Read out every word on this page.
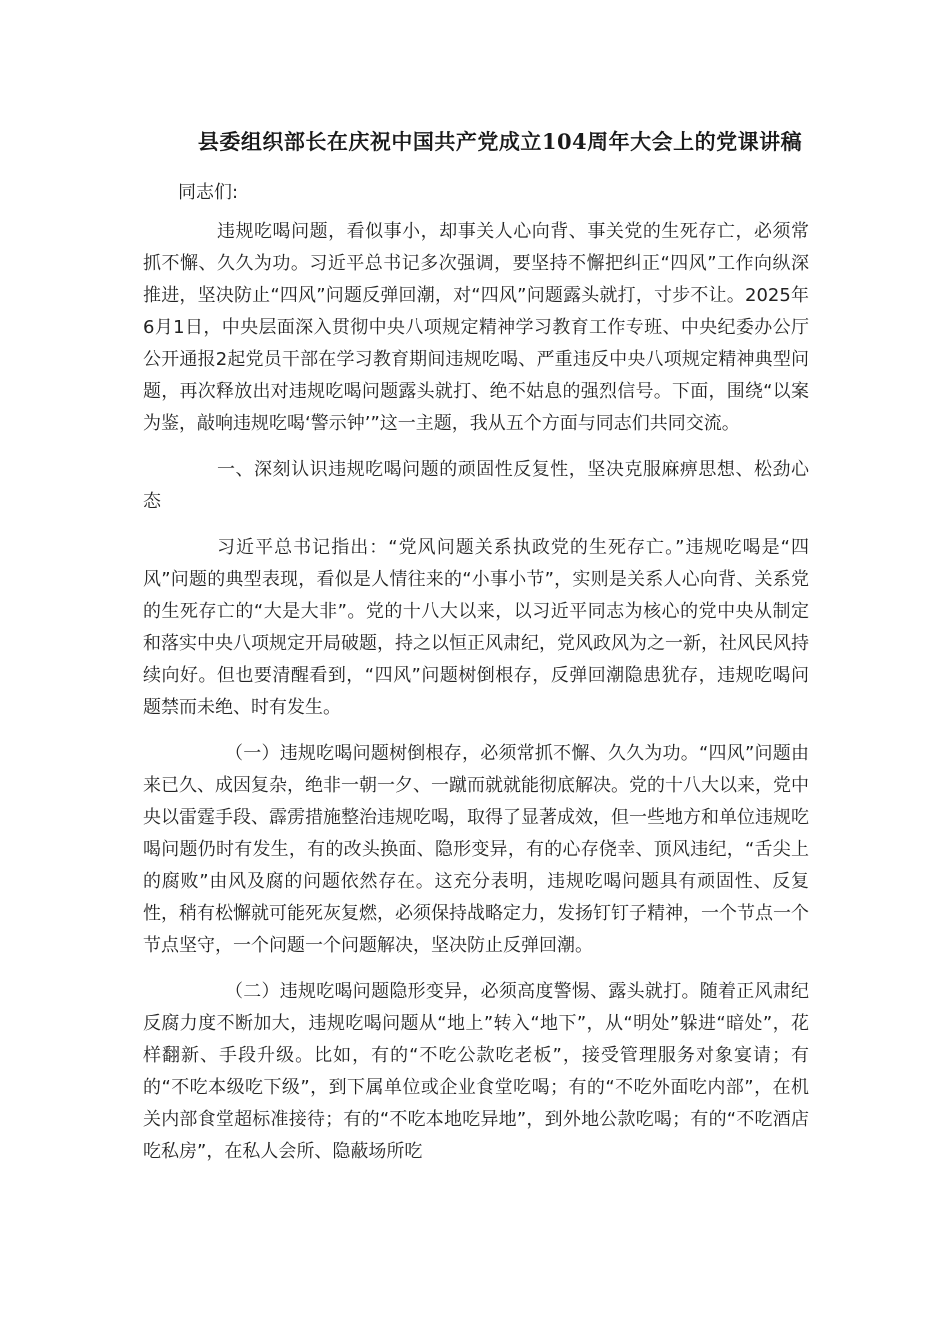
县委组织部长在庆祝中国共产党成立104周年大会上的党课讲稿
同志们:

违规吃喝问题，看似事小，却事关人心向背、事关党的生死存亡，必须常抓不懈、久久为功。习近平总书记多次强调，要坚持不懈把纠正“四风”工作向纵深推进，坚决防止“四风”问题反弹回潮，对“四风”问题露头就打，寸步不让。2025年6月1日，中央层面深入贯彻中央八项规定精神学习教育工作专班、中央纪委办公厅公开通报2起党员干部在学习教育期间违规吃喝、严重违反中央八项规定精神典型问题，再次释放出对违规吃喝问题露头就打、绝不姑息的强烈信号。下面，围绕“以案为鉴，敲响违规吃喝‘警示钟’”这一主题，我从五个方面与同志们共同交流。

一、深刻认识违规吃喝问题的顽固性反复性，坚决克服麻痹思想、松劲心态

习近平总书记指出：“党风问题关系执政党的生死存亡。”违规吃喝是“四风”问题的典型表现，看似是人情往来的“小事小节”，实则是关系人心向背、关系党的生死存亡的“大是大非”。党的十八大以来，以习近平同志为核心的党中央从制定和落实中央八项规定开局破题，持之以恒正风肃纪，党风政风为之一新，社风民风持续向好。但也要清醒看到，“四风”问题树倒根存，反弹回潮隐患犹存，违规吃喝问题禁而未绝、时有发生。

（一）违规吃喝问题树倒根存，必须常抓不懈、久久为功。“四风”问题由来已久、成因复杂，绝非一朝一夕、一蹴而就就能彻底解决。党的十八大以来，党中央以雷霆手段、霹雳措施整治违规吃喝，取得了显著成效，但一些地方和单位违规吃喝问题仍时有发生，有的改头换面、隐形变异，有的心存侥幸、顶风违纪，“舌尖上的腐败”由风及腐的问题依然存在。这充分表明，违规吃喝问题具有顽固性、反复性，稍有松懈就可能死灰复燃，必须保持战略定力，发扬钉钉子精神，一个节点一个节点坚守，一个问题一个问题解决，坚决防止反弹回潮。

（二）违规吃喝问题隐形变异，必须高度警惕、露头就打。随着正风肃纪反腐力度不断加大，违规吃喝问题从“地上”转入“地下”，从“明处”躲进“暗处”，花样翻新、手段升级。比如，有的“不吃公款吃老板”，接受管理服务对象宴请；有的“不吃本级吃下级”，到下属单位或企业食堂吃喝；有的“不吃外面吃内部”，在机关内部食堂超标准接待；有的“不吃本地吃异地”，到外地公款吃喝；有的“不吃酒店吃私房”，在私人会所、隐蔽场所吃
